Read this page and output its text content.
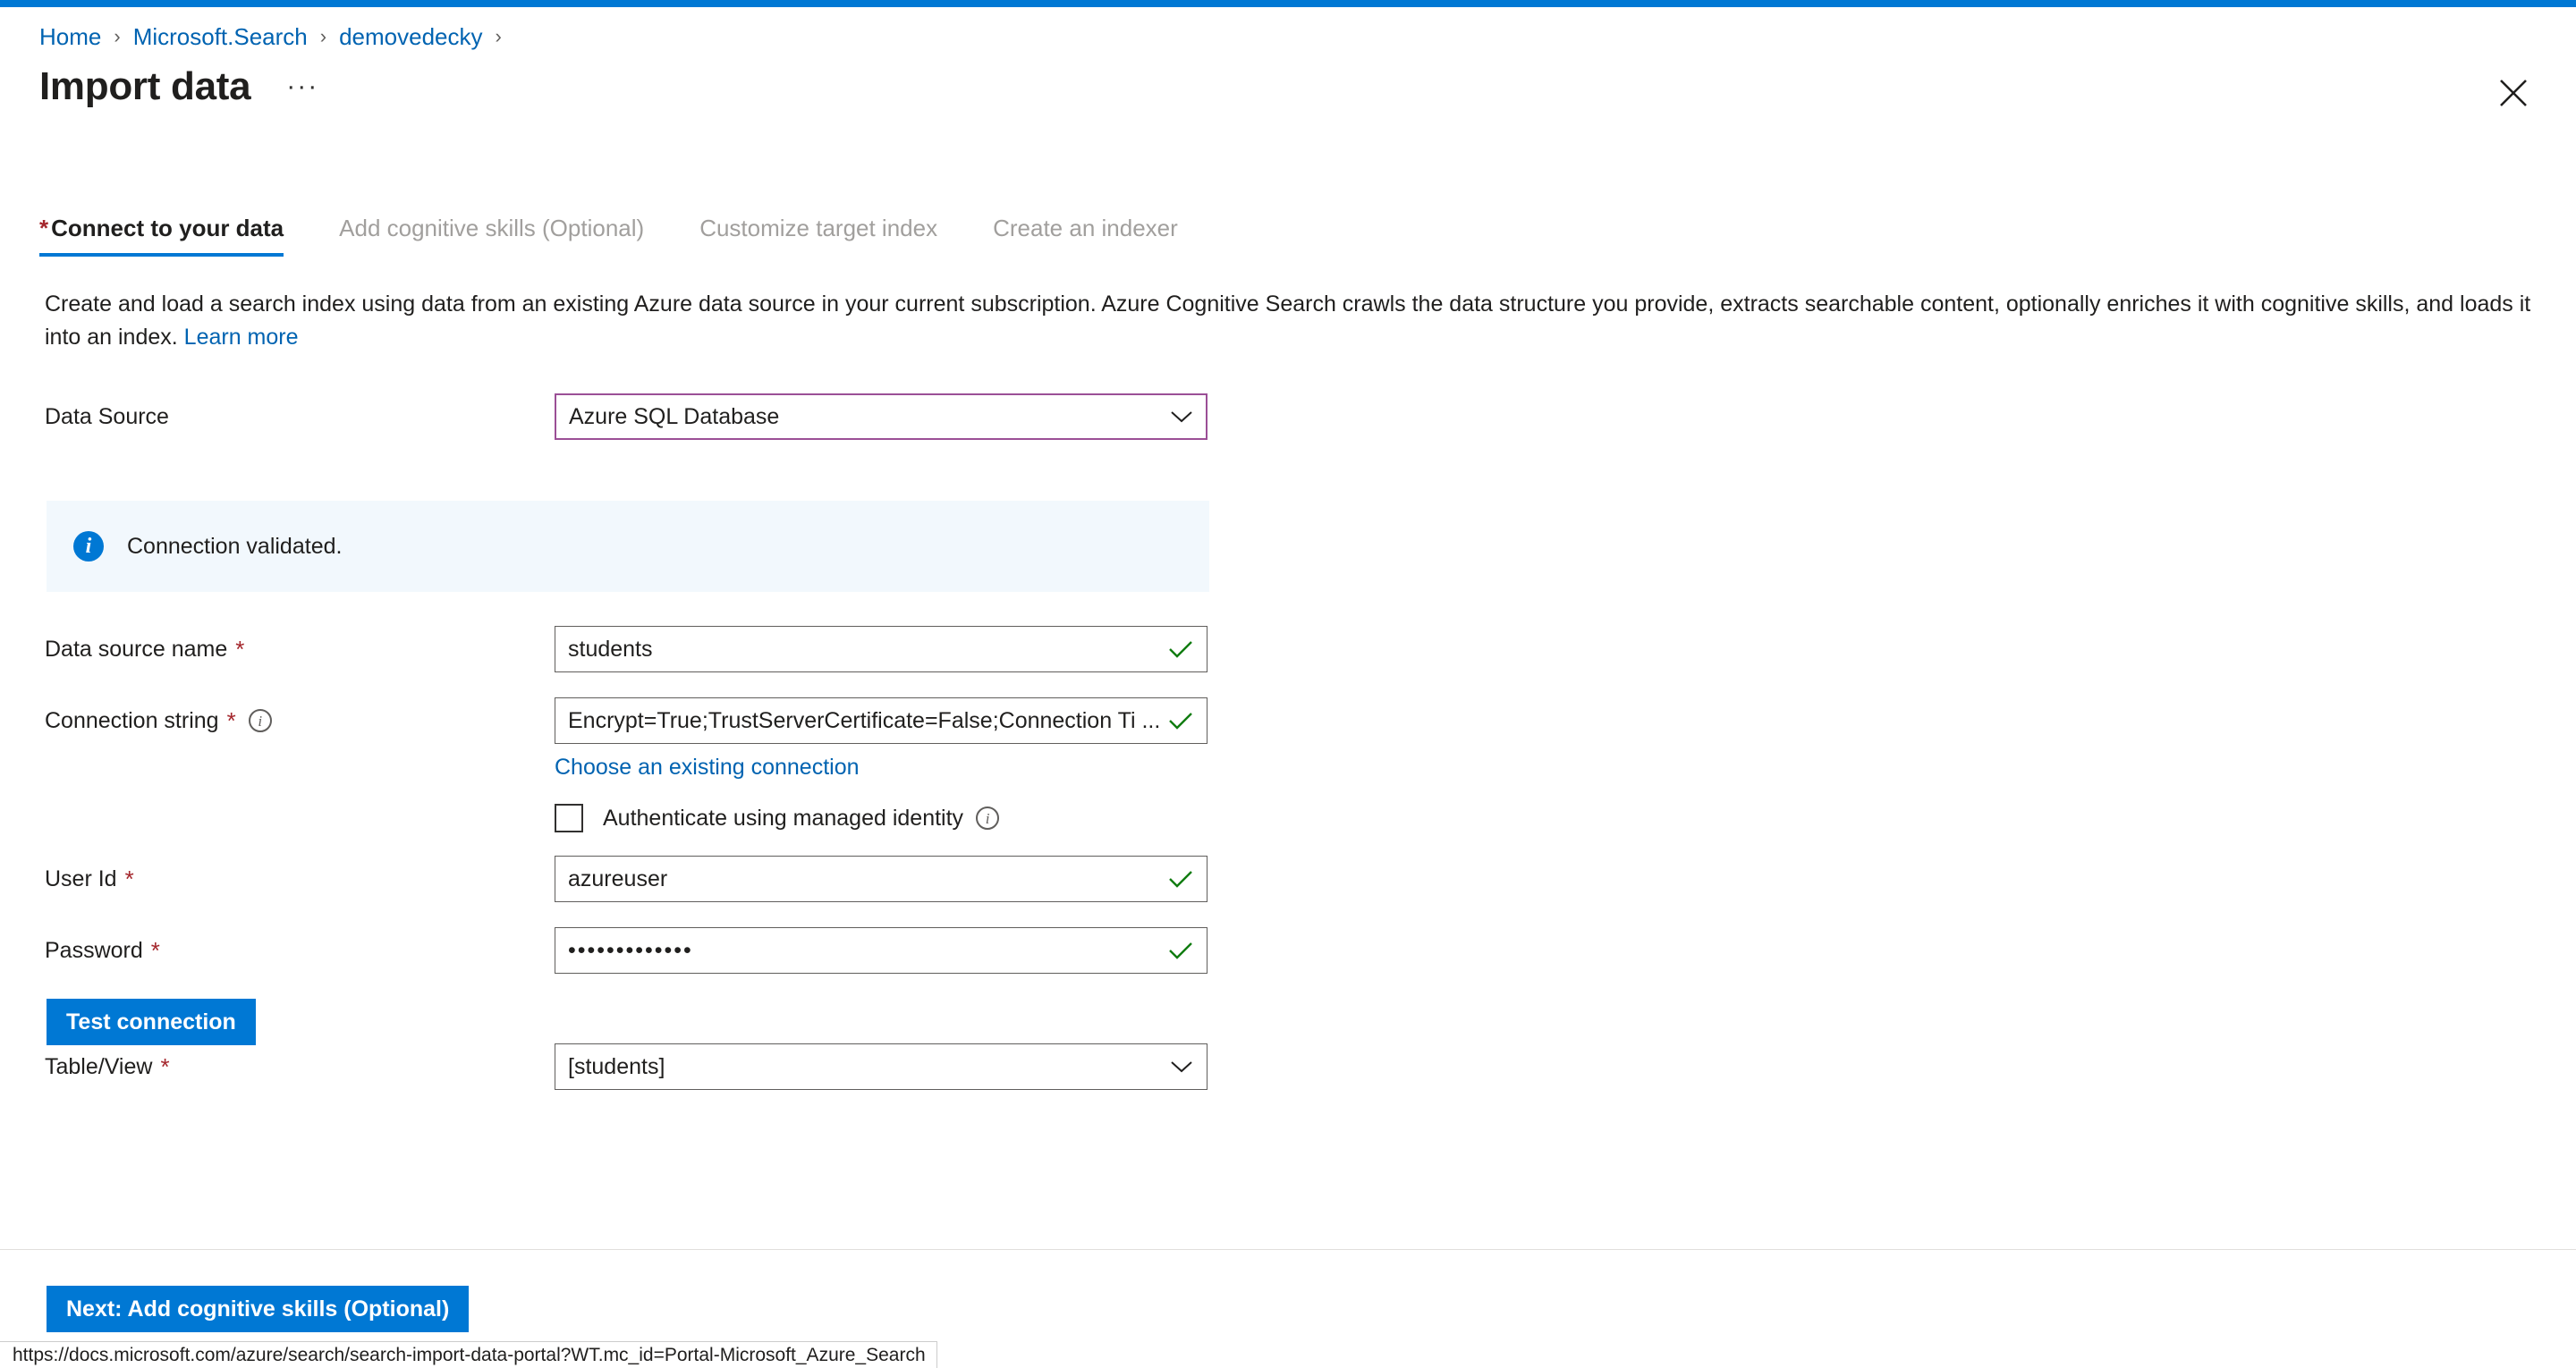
Home › Microsoft.Search › demovedecky ›
Import data	···
* Connect to your data Add cognitive skills (Optional) Customize target index Create an indexer
Create and load a search index using data from an existing Azure data source in your current subscription. Azure Cognitive Search crawls the data structure you provide, extracts searchable content, optionally enriches it with cognitive skills, and loads it into an index. Learn more
Data Source	Azure SQL Database
i	Connection validated.
Data source name *	students
Connection string *	i	Encrypt=True;TrustServerCertificate=False;Connection Ti ...
Choose an existing connection
Authenticate using managed identity	i
User Id *	azureuser
Password *	•••••••••••••
Test connection
Table/View *	[students]
Next: Add cognitive skills (Optional)
https://docs.microsoft.com/azure/search/search-import-data-portal?WT.mc_id=Portal-Microsoft_Azure_Search
